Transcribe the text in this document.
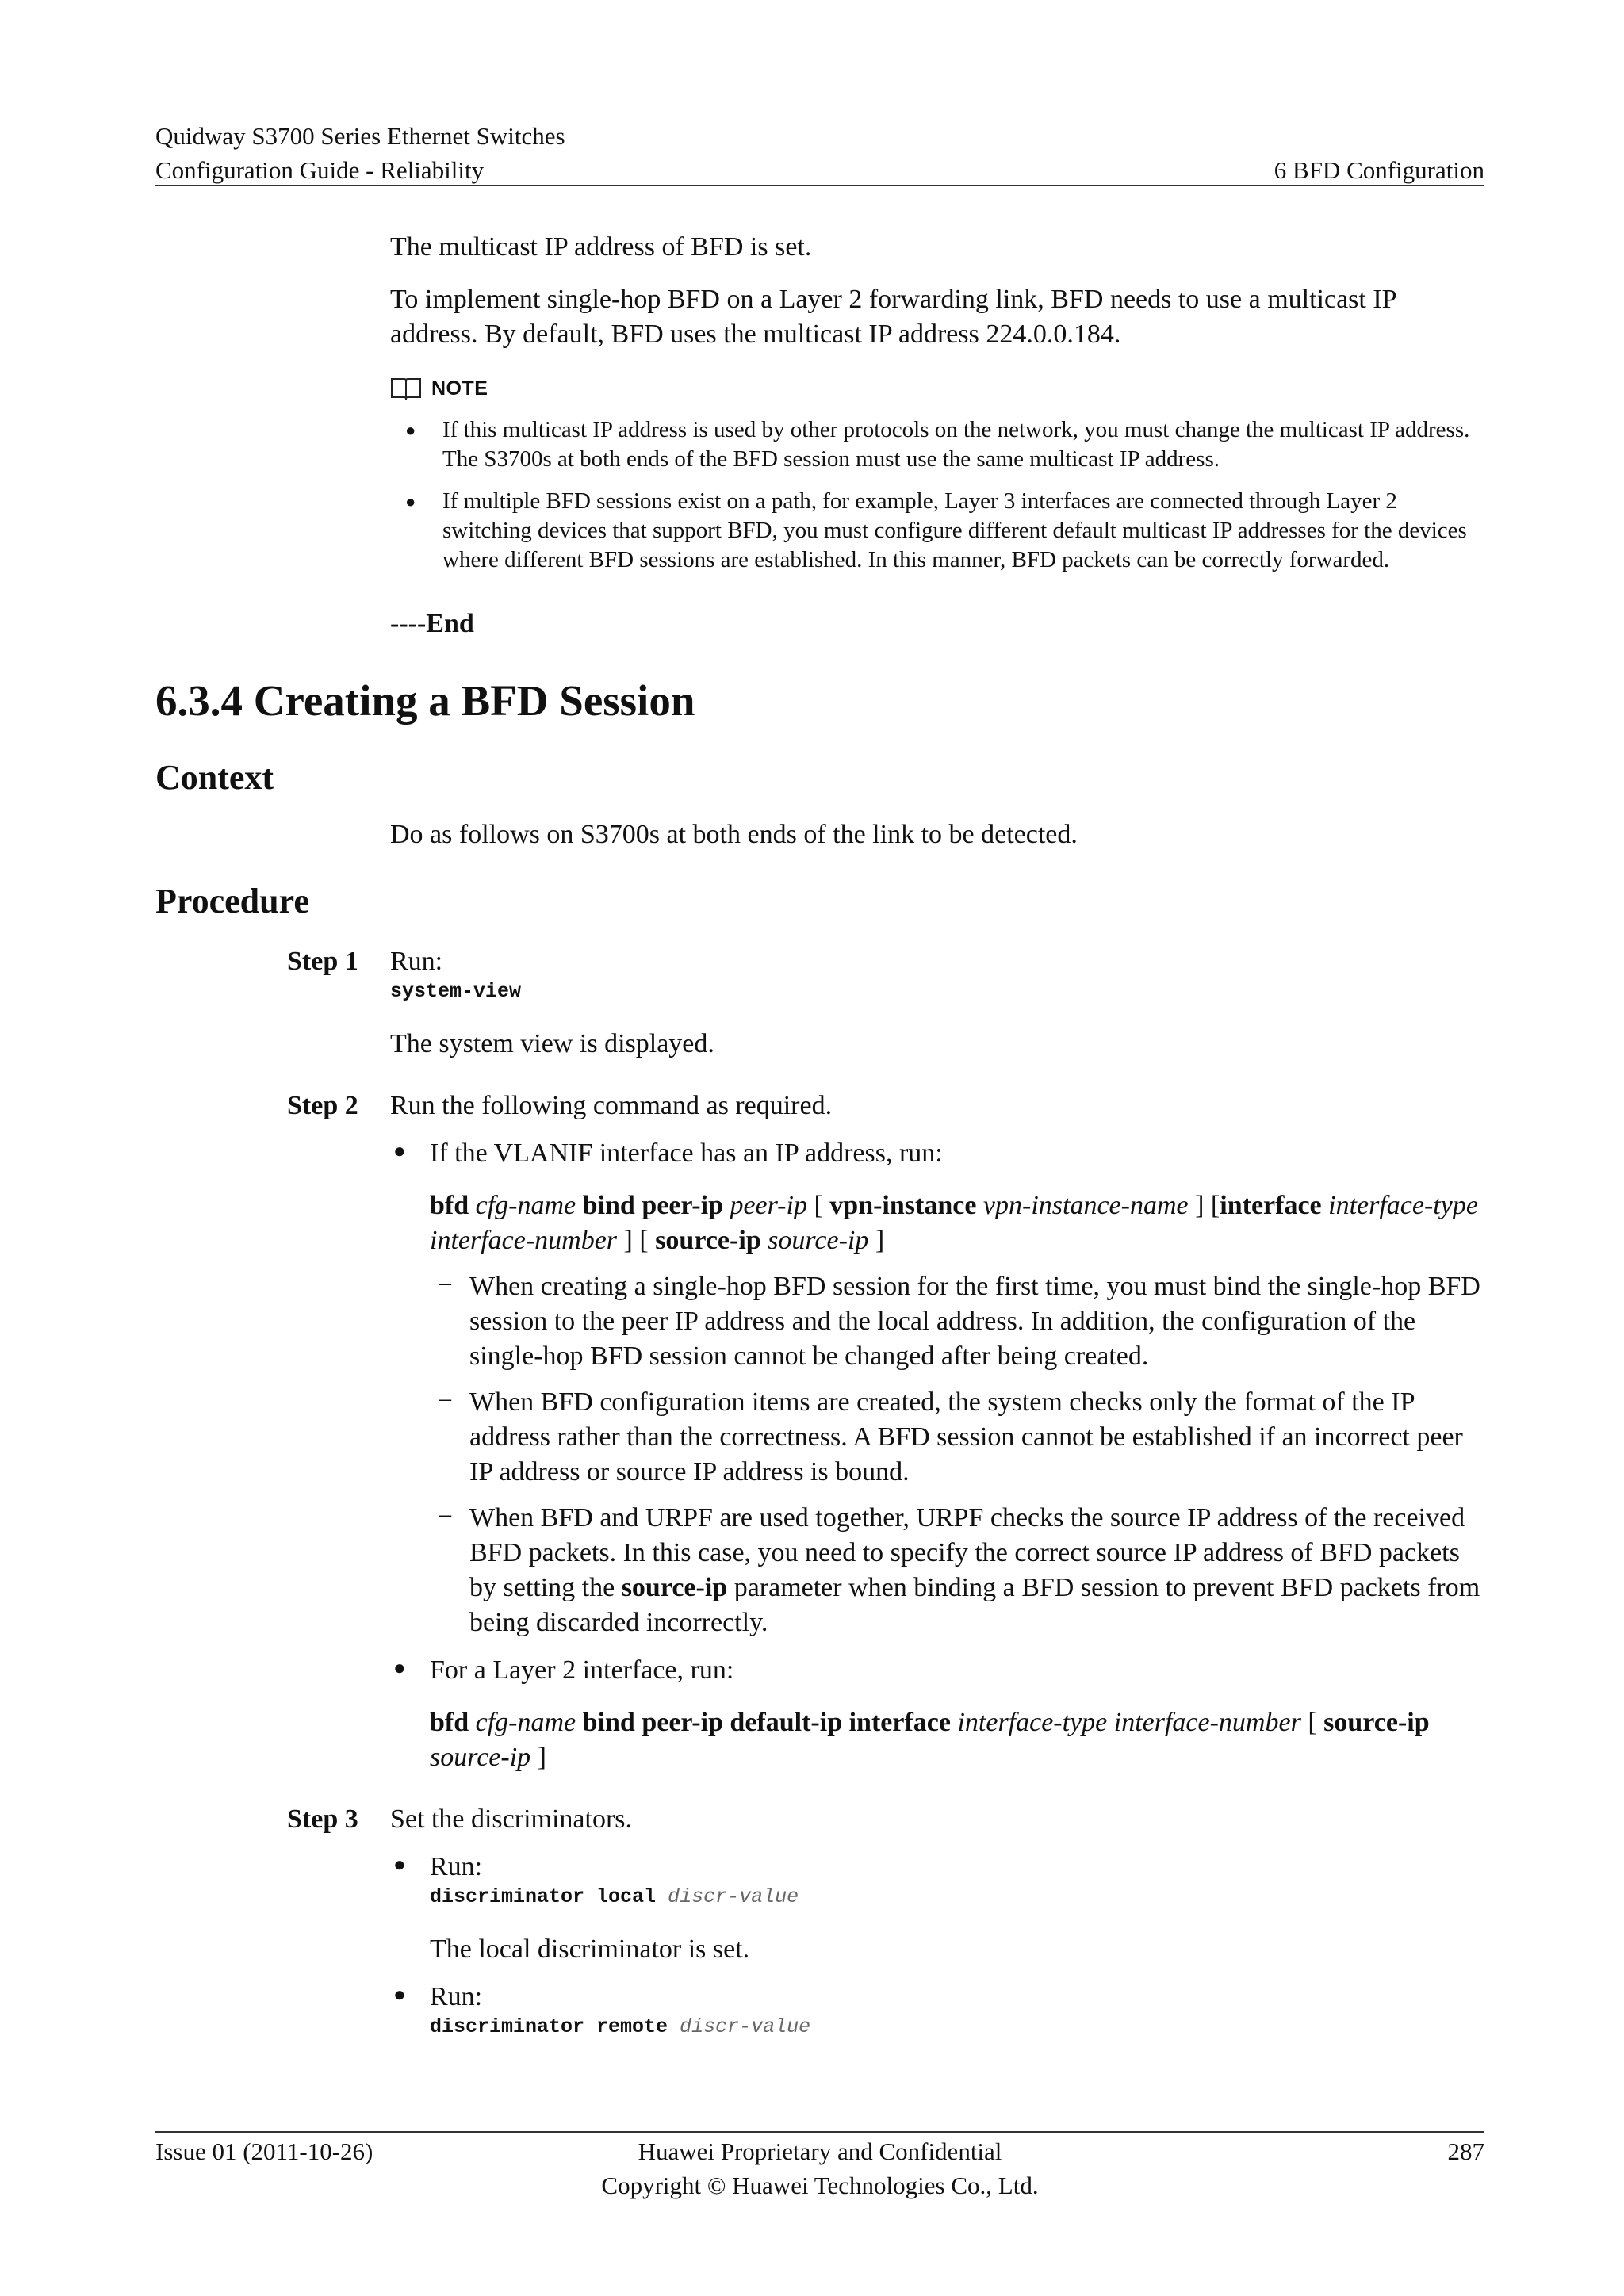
Quidway S3700 Series Ethernet Switches
Configuration Guide - Reliability	6 BFD Configuration

The multicast IP address of BFD is set.

To implement single-hop BFD on a Layer 2 forwarding link, BFD needs to use a multicast IP address. By default, BFD uses the multicast IP address 224.0.0.184.

NOTE
● If this multicast IP address is used by other protocols on the network, you must change the multicast IP address. The S3700s at both ends of the BFD session must use the same multicast IP address.
● If multiple BFD sessions exist on a path, for example, Layer 3 interfaces are connected through Layer 2 switching devices that support BFD, you must configure different default multicast IP addresses for the devices where different BFD sessions are established. In this manner, BFD packets can be correctly forwarded.

----End

6.3.4 Creating a BFD Session
Context

Do as follows on S3700s at both ends of the link to be detected.

Procedure
Step 1 Run:

system-view

The system view is displayed.

Step 2 Run the following command as required.

● If the VLANIF interface has an IP address, run:

bfd cfg-name bind peer-ip peer-ip [ vpn-instance vpn-instance-name ] [interface interface-type interface-number ] [ source-ip source-ip ]

– When creating a single-hop BFD session for the first time, you must bind the single-hop BFD session to the peer IP address and the local address. In addition, the configuration of the single-hop BFD session cannot be changed after being created.

– When BFD configuration items are created, the system checks only the format of the IP address rather than the correctness. A BFD session cannot be established if an incorrect peer IP address or source IP address is bound.

– When BFD and URPF are used together, URPF checks the source IP address of the received BFD packets. In this case, you need to specify the correct source IP address of BFD packets by setting the source-ip parameter when binding a BFD session to prevent BFD packets from being discarded incorrectly.

● For a Layer 2 interface, run:

bfd cfg-name bind peer-ip default-ip interface interface-type interface-number [ source-ip source-ip ]

Step 3 Set the discriminators.

● Run:

discriminator local discr-value

The local discriminator is set.

● Run:

discriminator remote discr-value
Issue 01 (2011-10-26)	Huawei Proprietary and Confidential
Copyright © Huawei Technologies Co., Ltd.
287
